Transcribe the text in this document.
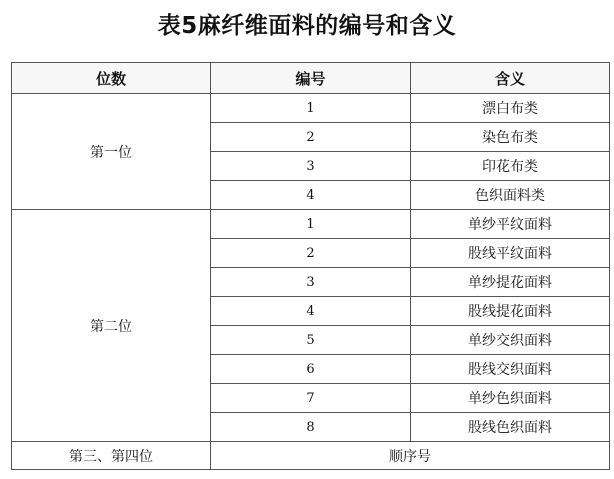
表5麻纤维面料的编号和含义
位数	编号	含义
第一位	1	漂白布类
	2	染色布类
	3	印花布类
	4	色织面料类
第二位	1	单纱平纹面料
	2	股线平纹面料
	3	单纱提花面料
	4	股线提花面料
	5	单纱交织面料
	6	股线交织面料
	7	单纱色织面料
	8	股线色织面料
第三、第四位	顺序号	
